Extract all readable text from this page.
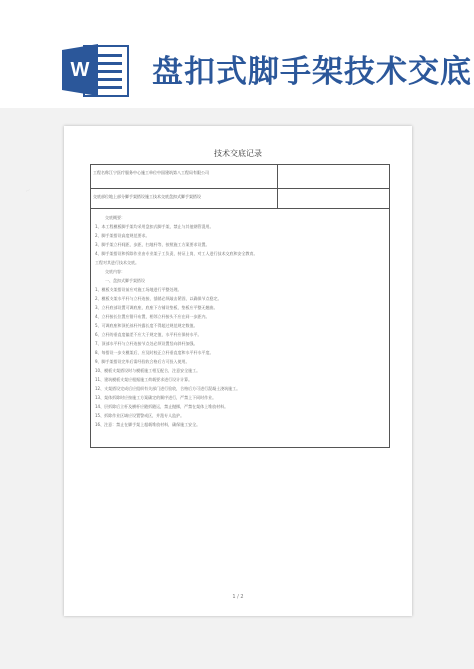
W 盘扣式脚手架技术交底
~
技术交底记录
工程名称江宁医疗服务中心施工单位中国建筑第八工程局有限公司
交底部位地上部分脚手架搭设施工技术交底盘扣式脚手架搭设
交底概要：
1、本工程模板脚手架均采用盘扣式脚手架，禁止与其他钢管混用。
2、脚手架搭设高度规范要求。
3、脚手架立杆间距、步距、扫地杆等，按照施工方案要求设置。
4、脚手架搭设和拆除作业由专业架子工负责，持证上岗，对工人进行技术交底和安全教育。
工程对其进行技术交底。
交底内容：
一、盘扣式脚手架搭设
1、模板支架搭设前应对施工场地进行平整处理。
2、模板支架水平杆与立杆连接，插销必须敲击紧固，以确保节点稳定。
3、立杆底部设置可调底座，底座下方铺设垫板，垫板应平整无翘曲。
4、立杆接长位置应错开布置，相邻立杆接头不应在同一步距内。
5、可调底座和顶托丝杆外露长度不得超过规范规定数值。
6、立杆的垂直度偏差不应大于规定值，水平杆应保持水平。
7、顶部水平杆与立杆连接节点处必须设置竖向斜杆加强。
8、每搭设一步支模架后，应及时校正立杆垂直度和水平杆水平度。
9、脚手架搭设完毕后需经验收合格后方可投入使用。
10、模板支架搭设时与模板施工相互配合，注意安全施工。
11、建筑模板支架应根据施工荷载要求进行设计计算。
12、支架搭设完成后应组织有关部门进行验收，合格后方可进行混凝土浇筑施工。
13、架体拆除时应按施工方案确定的顺序进行，严禁上下同时作业。
14、层拆除后立杆及横杆应随拆随运，禁止抛掷，严禁在架体上堆放材料。
15、拆除作业区域应设置警戒区，并派专人监护。
16、注意：禁止在脚手架上超载堆放材料，确保施工安全。
1 / 2
